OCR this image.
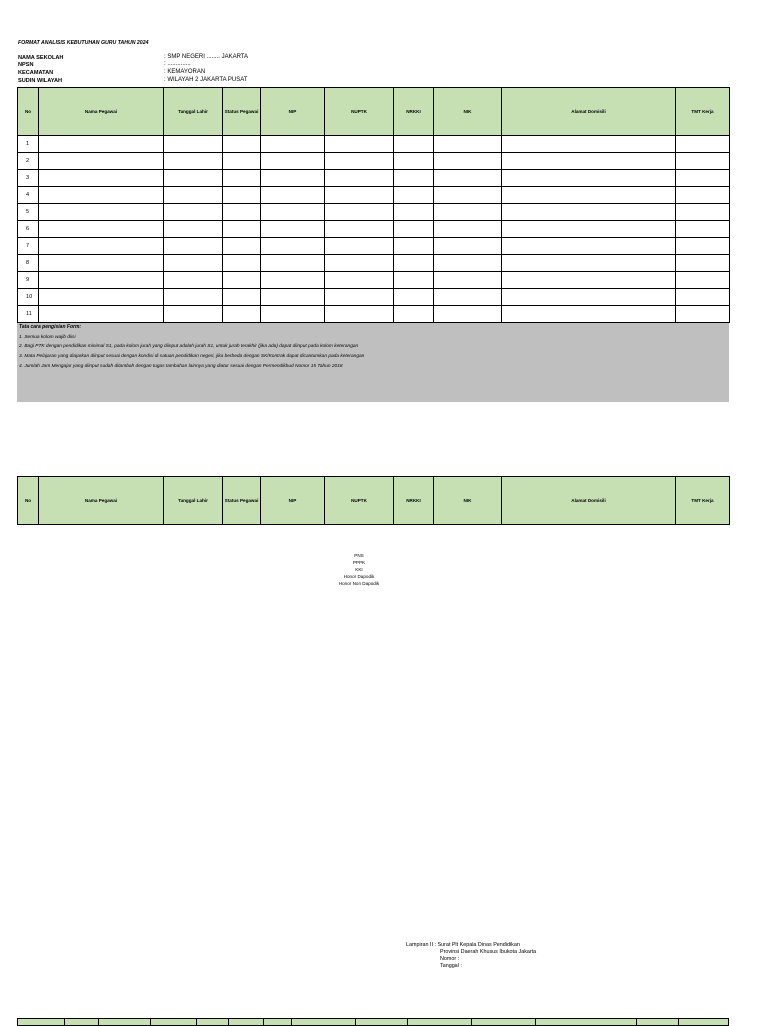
FORMAT ANALISIS KEBUTUHAN GURU TAHUN 2024
NAMA SEKOLAH	: SMP NEGERI ........ JAKARTA
NPSN	: ..............
KECAMATAN	: KEMAYORAN
SUDIN WILAYAH	: WILAYAH 2 JAKARTA PUSAT
No	Nama Pegawai	Tanggal Lahir	Status Pegawai	NIP	NUPTK	NRKKI	NIK	Alamat Domisili	TMT Kerja
1									
2									
3									
4									
5									
6									
7									
8									
9									
10									
11									
Tata cara pengisian Form:
1. Semua kolom wajib diisi
2. Bagi PTK dengan pendidikan minimal S1, pada kolom jurah yang diinput adalah jurah S1, untuk jurah terakhir (jika ada) dapat diinput pada kolom keterangan
3. Mata Pelajaran yang diajarkan diinput sesuai dengan kondisi di satuan pendidikan negeri, jika berbeda dengan SK/Kontrak dapat dicantumkan pada keterangan
4. Jumlah Jam Mengajar yang diinput sudah ditambah dengan tugas tambahan lainnya yang diatur sesuai dengan Permendikbud Nomor 15 Tahun 2018
No	Nama Pegawai	Tanggal Lahir	Status Pegawai	NIP	NUPTK	NRKKI	NIK	Alamat Domisili	TMT Kerja
PNS
PPPK
KKI
Honor Dapodik
Honor Non Dapodik
Lampiran II : Surat Plt Kepala Dinas Pendidikan
Provinsi Daerah Khusus Ibukota Jakarta
Nomor :
Tanggal :
